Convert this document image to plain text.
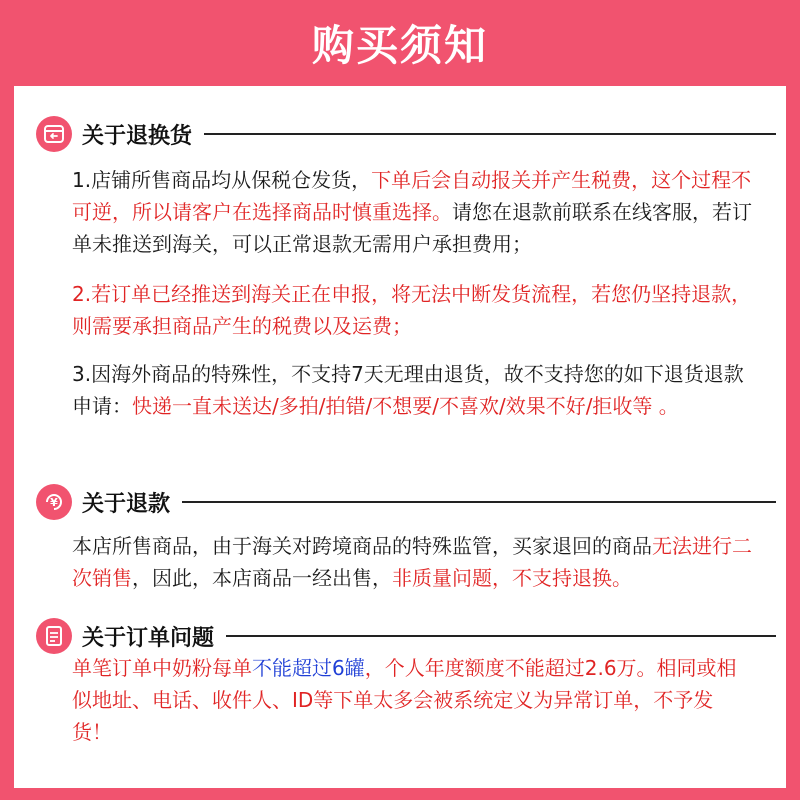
购买须知
关于退换货
1.店铺所售商品均从保税仓发货，下单后会自动报关并产生税费，这个过程不可逆，所以请客户在选择商品时慎重选择。请您在退款前联系在线客服，若订单未推送到海关，可以正常退款无需用户承担费用；
2.若订单已经推送到海关正在申报，将无法中断发货流程，若您仍坚持退款，则需要承担商品产生的税费以及运费；
3.因海外商品的特殊性，不支持7天无理由退货，故不支持您的如下退货退款申请：快递一直未送达/多拍/拍错/不想要/不喜欢/效果不好/拒收等 。
¥ 关于退款
本店所售商品，由于海关对跨境商品的特殊监管，买家退回的商品无法进行二次销售，因此，本店商品一经出售，非质量问题，不支持退换。
关于订单问题
单笔订单中奶粉每单不能超过6罐，个人年度额度不能超过2.6万。相同或相似地址、电话、收件人、ID等下单太多会被系统定义为异常订单，不予发货！
